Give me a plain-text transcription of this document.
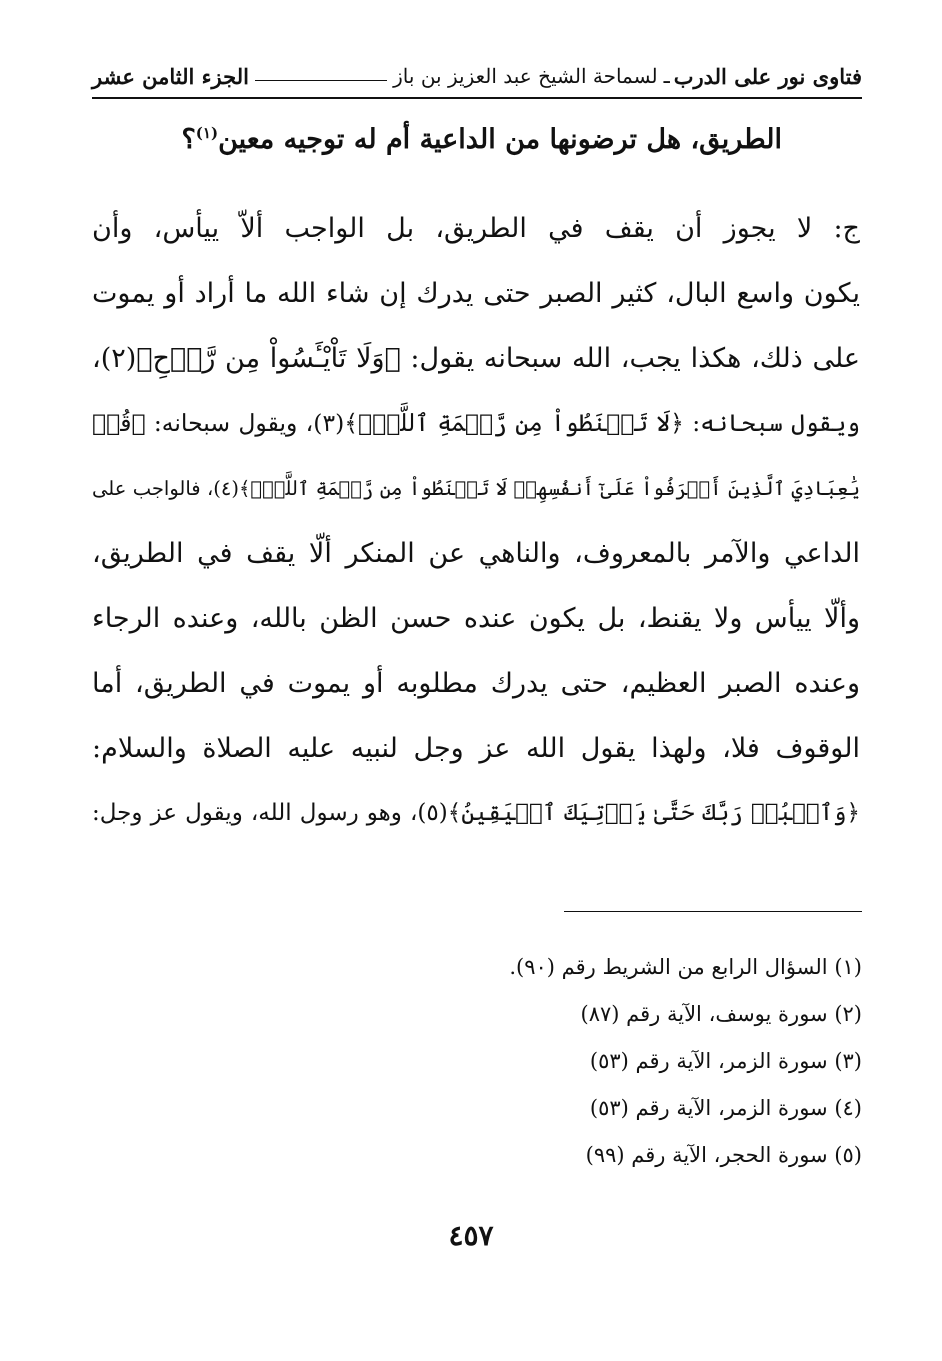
فتاوى نور على الدرب
ـ
لسماحة الشيخ عبد العزيز بن باز
الجزء الثامن عشر
الطريق، هل ترضونها من الداعية أم له توجيه معين$^{(١)}$؟
ج: لا يجوز أن يقف في الطريق، بل الواجب ألاّ ييأس، وأن
يكون واسع البال، كثير الصبر حتى يدرك إن شاء الله ما أراد أو يموت
على ذلك، هكذا يجب، الله سبحانه يقول: ﴿وَلَا تَاْيْـَٔسُواْ مِن رَّوۡحِ﴾(٢)،
ويقول سبحانه: ﴿لَا تَقۡنَطُواْ مِن رَّحۡمَةِ ٱللَّهِۚ﴾(٣)، ويقول سبحانه: ﴿قُلۡ
يَٰعِبَادِيَ ٱلَّذِينَ أَسۡرَفُواْ عَلَىٰٓ أَنفُسِهِمۡ لَا تَقۡنَطُواْ مِن رَّحۡمَةِ ٱللَّهِۚ﴾(٤)، فالواجب على
الداعي والآمر بالمعروف، والناهي عن المنكر ألّا يقف في الطريق،
وألّا ييأس ولا يقنط، بل يكون عنده حسن الظن بالله، وعنده الرجاء
وعنده الصبر العظيم، حتى يدرك مطلوبه أو يموت في الطريق، أما
الوقوف فلا، ولهذا يقول الله عز وجل لنبيه عليه الصلاة والسلام:
﴿وَٱعۡبُدۡ رَبَّكَ حَتَّىٰ يَأۡتِيَكَ ٱلۡيَقِينُ﴾(٥)، وهو رسول الله، ويقول عز وجل:
(١) السؤال الرابع من الشريط رقم (٩٠).
(٢) سورة يوسف، الآية رقم (٨٧)
(٣) سورة الزمر، الآية رقم (٥٣)
(٤) سورة الزمر، الآية رقم (٥٣)
(٥) سورة الحجر، الآية رقم (٩٩)
٤٥٧
